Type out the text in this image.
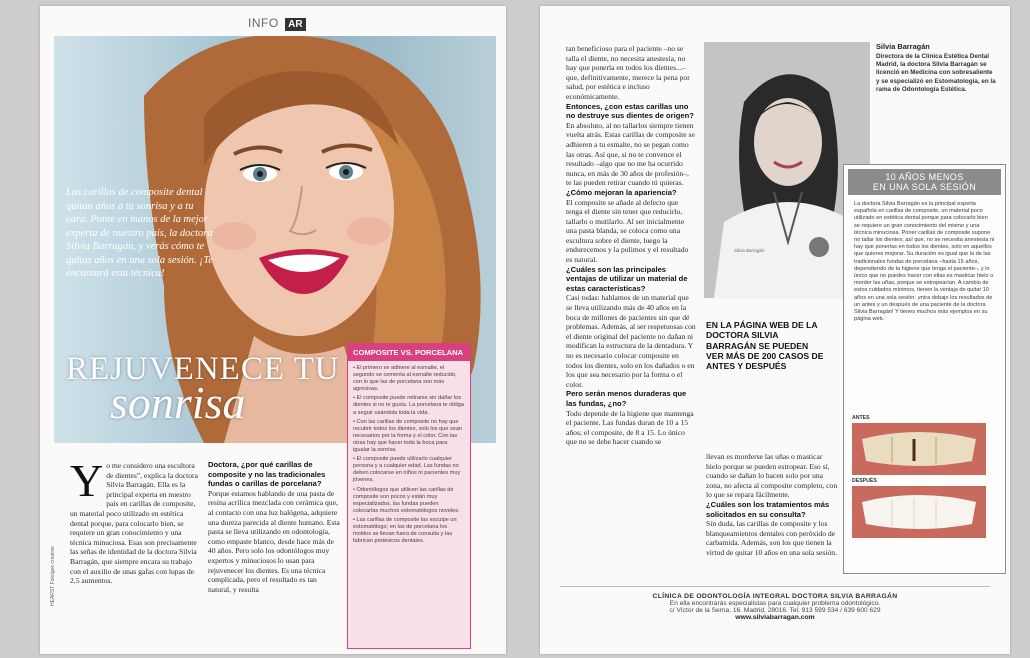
INFO AR
Las carillas de composite dental quitan años a tu sonrisa y a tu cara. Ponte en manos de la mejor experta de nuestro país, la doctora Silvia Barragán, y verás cómo te quitas años en una sola sesión. ¡Te encantará esta técnica!
REJUVENECE TU
sonrisa
COMPOSITE VS. PORCELANA

• El primero se adhiere al esmalte, el segundo se cementa al esmalte reducido, con lo que las de porcelana son más agresivas.

• El composite puede retirarse sin dañar los dientes si no te gusta. La porcelana te obliga a seguir usándola toda la vida.

• Con las carillas de composite no hay que recubrir todos los dientes, solo los que sean necesarios por la forma y el color. Con las otras hay que hacer toda la boca para igualar la sonrisa.

• El composite puede utilizarlo cualquier persona y a cualquier edad. Las fundas no deben colocarse en niños ni pacientes muy jóvenes.

• Odontólogos que utilicen las carillas de composite son pocos y están muy especializados, las fundas pueden colocarlas muchos estomatólogos noveles.

• Las carillas de composite las esculpe un estomatólogo; en las de porcelana los moldes se llevan fuera de consulta y las fabrican protésicos dentales.

Y o me considero una escultora de dientes”, explica la doctora Silvia Barragán. Ella es la principal experta en nuestro país en carillas de composite, un material poco utilizado en estética dental porque, para colocarlo bien, se requiere un gran conocimiento y una técnica minuciosa. Esas son precisamente las señas de identidad de la doctora Silvia Barragán, que siempre encara su trabajo con el auxilio de unas gafas con lupas de 2,5 aumentos.
HEARST Fotolgee creative
Doctora, ¿por qué carillas de composite y no las tradicionales fundas o carillas de porcelana?
Porque estamos hablando de una pasta de resina acrílica mezclada con cerámica que, al contacto con una luz halógena, adquiere una dureza parecida al diente humano. Esta pasta se lleva utilizando en odontología, como empaste blanco, desde hace más de 40 años. Pero solo los odontólogos muy expertos y minuciosos lo usan para rejuvenecer los dientes. Es una técnica complicada, pero el resultado es tan natural, y resulta
tan beneficioso para el paciente –no se talla el diente, no necesita anestesia, no hay que ponerla en todos los dientes...– que, definitivamente, merece la pena por salud, por estética e incluso económicamente.
Entonces, ¿con estas carillas uno no destruye sus dientes de origen?
En absoluto, al no tallarlos siempre tienen vuelta atrás. Estas carillas de composite se adhieren a tu esmalte, no se pegan como las otras. Así que, si no te convence el resultado –algo que no me ha ocurrido nunca, en más de 30 años de profesión–, te las pueden retirar cuando tú quieras.
¿Cómo mejoran la apariencia?
El composite se añade al defecto que tenga el diente sin tener que reducirlo, tallarlo o mutilarlo. Al ser inicialmente una pasta blanda, se coloca como una escultura sobre el diente, luego la endurecemos y la pulimos y el resultado es natural.
¿Cuáles son las principales ventajas de utilizar un material de estas características?
Casi todas: hablamos de un material que se lleva utilizando más de 40 años en la boca de millones de pacientes sin que dé problemas. Además, al ser respetuosas con el diente original del paciente no dañan ni modifican la estructura de la dentadura. Y no es necesario colocar composite en todos los dientes, solo en los dañados o en los que sea necesario por la forma o el color.
Pero serán menos duraderas que las fundas, ¿no?
Todo depende de la higiene que mantenga el paciente. Las fundas duran de 10 a 15 años; el composite, de 8 a 15. Lo único que no se debe hacer cuando se
Silvia Barragán
Silvia Barragán
Directora de la Clínica Estética Dental Madrid, la doctora Silvia Barragán se licenció en Medicina con sobresaliente y se especializó en Estomatología, en la rama de Odontología Estética.
EN LA PÁGINA WEB DE LA DOCTORA SILVIA BARRAGÁN SE PUEDEN VER MÁS DE 200 CASOS DE ANTES Y DESPUÉS
llevan es morderse las uñas o masticar hielo porque se pueden estropear. Eso sí, cuando se dañan lo hacen solo por una zona, no afecta al composite completo, con lo que se repara fácilmente.
¿Cuáles son los tratamientos más solicitados en su consulta?
Sin duda, las carillas de composite y los blanqueamientos dentales con peróxido de carbamida. Además, son los que tienen la virtud de quitar 10 años en una sola sesión.
10 AÑOS MENOS
EN UNA SOLA SESIÓN
La doctora Silvia Barragán es la principal experta española en carillas de composite, un material poco utilizado en estética dental porque para colocarlo bien se requiere un gran conocimiento del mismo y una técnica minuciosa. Poner carillas de composite supone no tallar los dientes; así que, no se necesita anestesia ni hay que ponerlas en todos los dientes, solo en aquellos que quieres mejorar. Su duración es igual que la de las tradicionales fundas de porcelana –hasta 15 años, dependiendo de la higiene que tenga el paciente–, y lo único que no puedes hacer con ellas es masticar hielo o morder las uñas, porque se estropearían. A cambio de estos cuidados mínimos, tienen la ventaja de quitar 10 años en una sola sesión: ¡mira debajo los resultados de un antes y un después de una paciente de la doctora Silvia Barragán! Y tienes muchos más ejemplos en su página web.
ANTES
DESPUÉS
CLÍNICA DE ODONTOLOGÍA INTEGRAL DOCTORA SILVIA BARRAGÁN
En ella encontrarás especialistas para cualquier problema odontológico.
c/ Víctor de la Serna, 16. Madrid, 28016. Tel. 913 599 534 / 639 600 629
www.silviabarragan.com
